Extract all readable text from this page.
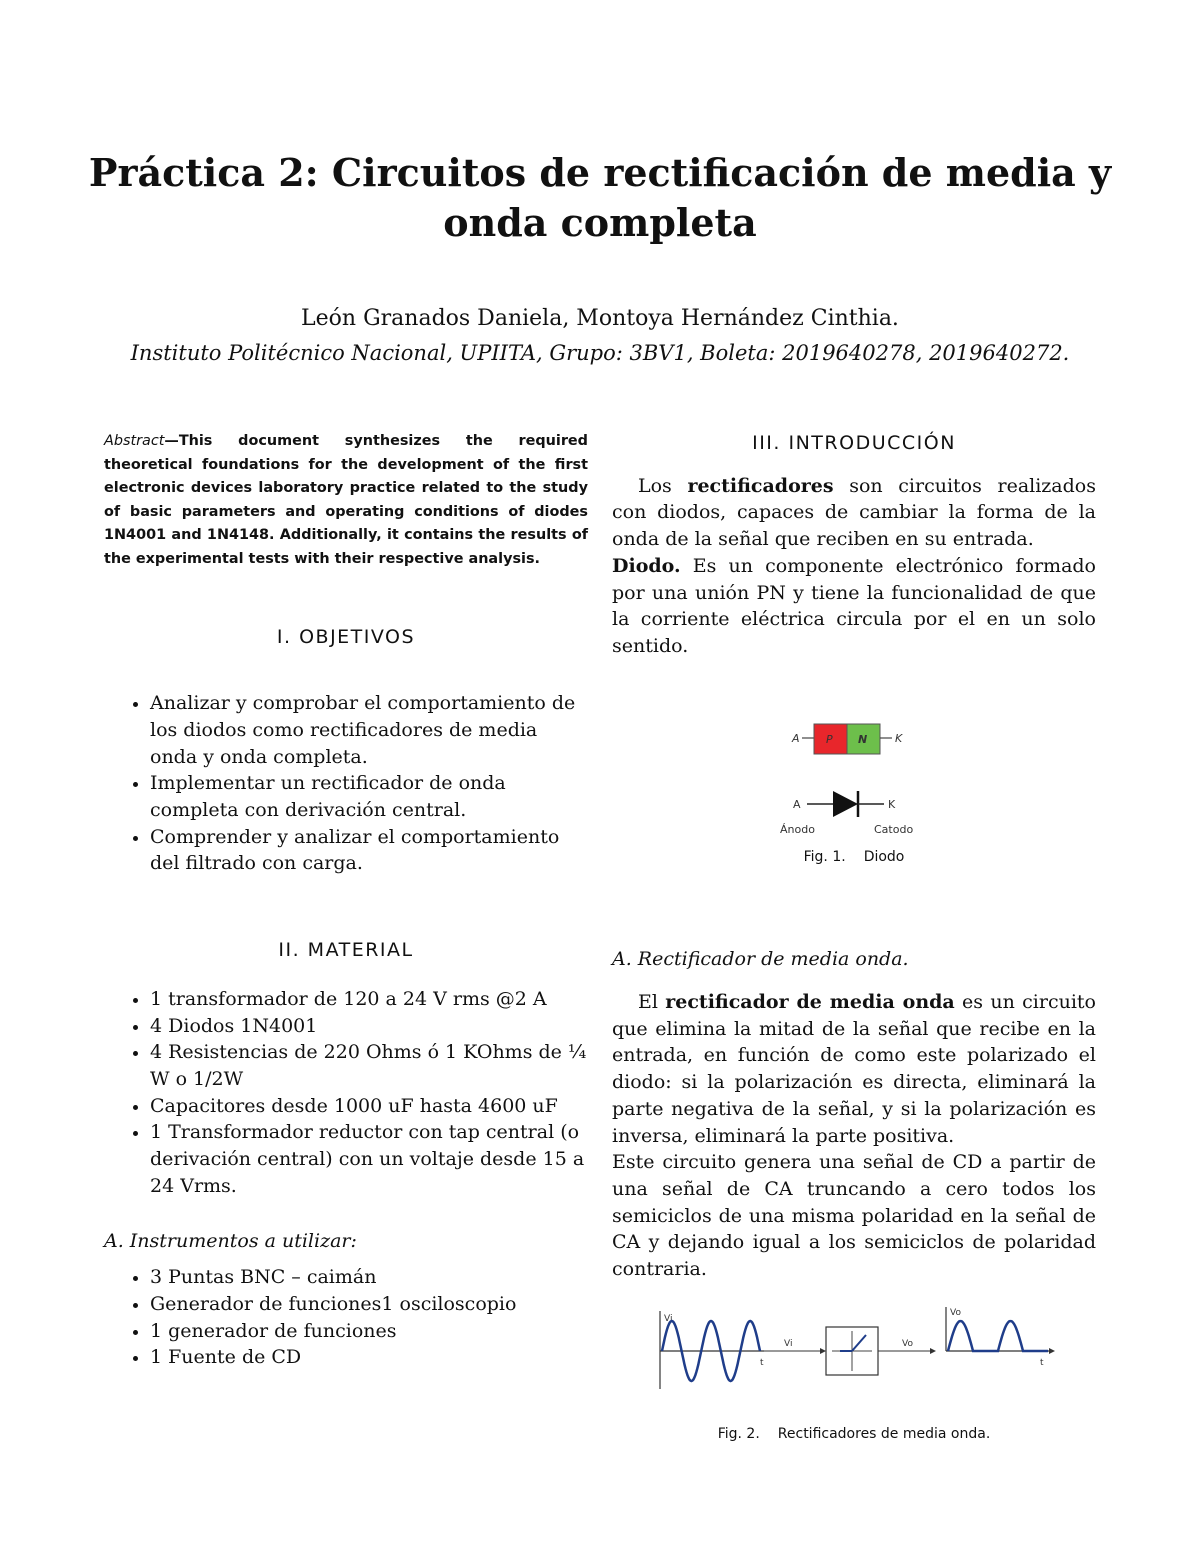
Práctica 2: Circuitos de rectificación de media y onda completa
León Granados Daniela, Montoya Hernández Cinthia.
Instituto Politécnico Nacional, UPIITA, Grupo: 3BV1, Boleta: 2019640278, 2019640272.
Abstract—This document synthesizes the required theoretical foundations for the development of the first electronic devices laboratory practice related to the study of basic parameters and operating conditions of diodes 1N4001 and 1N4148. Additionally, it contains the results of the experimental tests with their respective analysis.
I. OBJETIVOS
Analizar y comprobar el comportamiento de los diodos como rectificadores de media onda y onda completa.
Implementar un rectificador de onda completa con derivación central.
Comprender y analizar el comportamiento del filtrado con carga.
II. MATERIAL
1 transformador de 120 a 24 V rms @2 A
4 Diodos 1N4001
4 Resistencias de 220 Ohms ó 1 KOhms de ¼ W o 1/2W
Capacitores desde 1000 uF hasta 4600 uF
1 Transformador reductor con tap central (o derivación central) con un voltaje desde 15 a 24 Vrms.
A. Instrumentos a utilizar:
3 Puntas BNC – caimán
Generador de funciones1 osciloscopio
1 generador de funciones
1 Fuente de CD
III. INTRODUCCIÓN

Los rectificadores son circuitos realizados con diodos, capaces de cambiar la forma de la onda de la señal que reciben en su entrada.

Diodo. Es un componente electrónico formado por una unión PN y tiene la funcionalidad de que la corriente eléctrica circula por el en un solo sentido.

A P N	K
A	K
Ánodo	Catodo
Fig. 1. Diodo
A. Rectificador de media onda.

El rectificador de media onda es un circuito que elimina la mitad de la señal que recibe en la entrada, en función de como este polarizado el diodo: si la polarización es directa, eliminará la parte negativa de la señal, y si la polarización es inversa, eliminará la parte positiva.

Este circuito genera una señal de CD a partir de una señal de CA truncando a cero todos los semiciclos de una misma polaridad en la señal de CA y dejando igual a los semiciclos de polaridad contraria.

Vi
t
Vi	Vo
Vo
t
Fig. 2. Rectificadores de media onda.
